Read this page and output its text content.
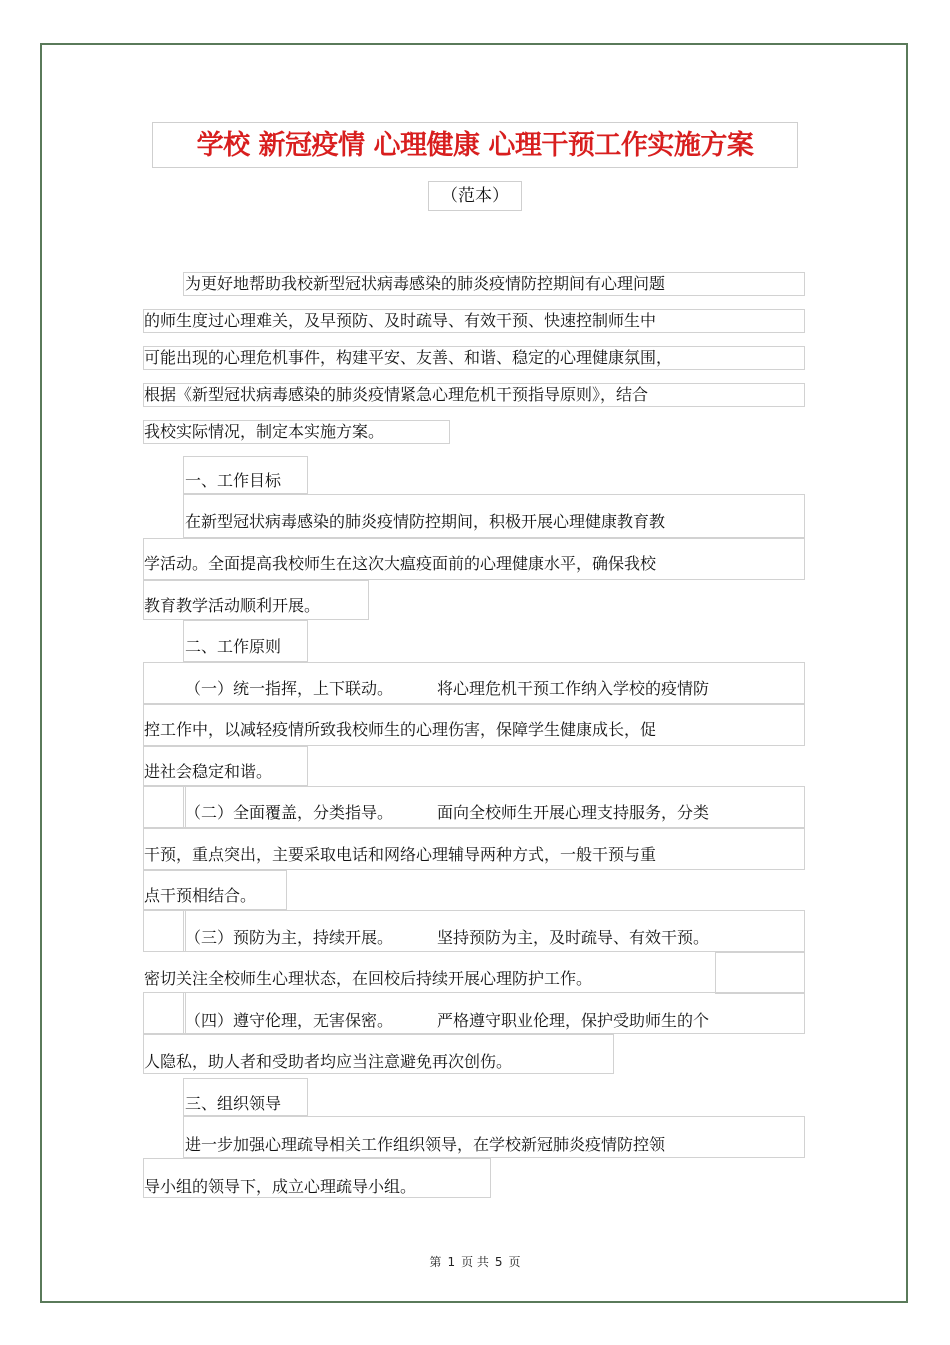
学校 新冠疫情 心理健康 心理干预工作实施方案
（范本）
为更好地帮助我校新型冠状病毒感染的肺炎疫情防控期间有心理问题
的师生度过心理难关，及早预防、及时疏导、有效干预、快速控制师生中
可能出现的心理危机事件，构建平安、友善、和谐、稳定的心理健康氛围，
根据《新型冠状病毒感染的肺炎疫情紧急心理危机干预指导原则》，结合
我校实际情况，制定本实施方案。
一、工作目标
在新型冠状病毒感染的肺炎疫情防控期间，积极开展心理健康教育教
学活动。全面提高我校师生在这次大瘟疫面前的心理健康水平，确保我校
教育教学活动顺利开展。
二、工作原则
（一）统一指挥，上下联动。	将心理危机干预工作纳入学校的疫情防
控工作中，以减轻疫情所致我校师生的心理伤害，保障学生健康成长，促
进社会稳定和谐。
（二）全面覆盖，分类指导。	面向全校师生开展心理支持服务，分类
干预，重点突出，主要采取电话和网络心理辅导两种方式，一般干预与重
点干预相结合。
（三）预防为主，持续开展。	坚持预防为主，及时疏导、有效干预。
密切关注全校师生心理状态，在回校后持续开展心理防护工作。
（四）遵守伦理，无害保密。	严格遵守职业伦理，保护受助师生的个
人隐私，助人者和受助者均应当注意避免再次创伤。
三、组织领导
进一步加强心理疏导相关工作组织领导，在学校新冠肺炎疫情防控领
导小组的领导下，成立心理疏导小组。
第 1 页 共 5 页
